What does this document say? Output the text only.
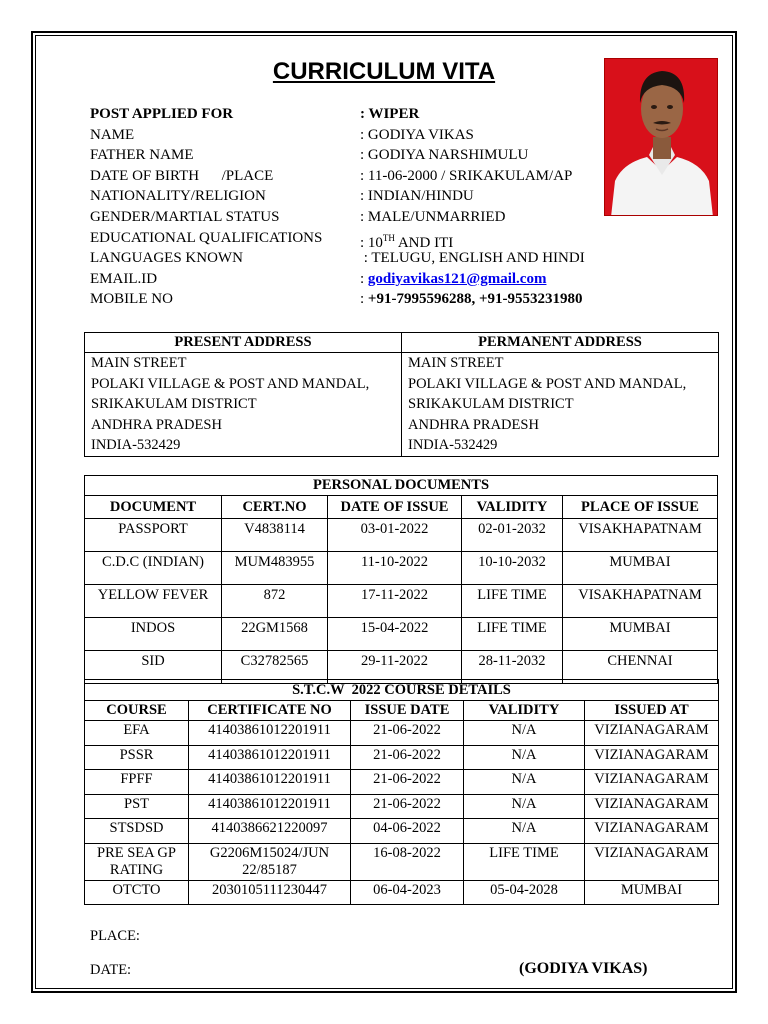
CURRICULUM VITA
POST APPLIED FOR	: WIPER
NAME	: GODIYA VIKAS
FATHER NAME	: GODIYA NARSHIMULU
DATE OF BIRTH      /PLACE	: 11-06-2000 / SRIKAKULAM/AP
NATIONALITY/RELIGION	: INDIAN/HINDU
GENDER/MARTIAL STATUS	: MALE/UNMARRIED
EDUCATIONAL QUALIFICATIONS	: 10TH AND ITI
LANGUAGES KNOWN	: TELUGU, ENGLISH AND HINDI
EMAIL.ID	: godiyavikas121@gmail.com
MOBILE NO	: +91-7995596288, +91-9553231980
PRESENT ADDRESS	PERMANENT ADDRESS
MAIN STREET	MAIN STREET
POLAKI VILLAGE & POST AND MANDAL,	POLAKI VILLAGE & POST AND MANDAL,
SRIKAKULAM DISTRICT	SRIKAKULAM DISTRICT
ANDHRA PRADESH	ANDHRA PRADESH
INDIA-532429	INDIA-532429
PERSONAL DOCUMENTS				
DOCUMENT	CERT.NO	DATE OF ISSUE	VALIDITY	PLACE OF ISSUE
PASSPORT	V4838114	03-01-2022	02-01-2032	VISAKHAPATNAM
C.D.C (INDIAN)	MUM483955	11-10-2022	10-10-2032	MUMBAI
YELLOW FEVER	872	17-11-2022	LIFE TIME	VISAKHAPATNAM
INDOS	22GM1568	15-04-2022	LIFE TIME	MUMBAI
SID	C32782565	29-11-2022	28-11-2032	CHENNAI
S.T.C.W  2022 COURSE DETAILS				
COURSE	CERTIFICATE NO	ISSUE DATE	VALIDITY	ISSUED AT
EFA	41403861012201911	21-06-2022	N/A	VIZIANAGARAM
PSSR	41403861012201911	21-06-2022	N/A	VIZIANAGARAM
FPFF	41403861012201911	21-06-2022	N/A	VIZIANAGARAM
PST	41403861012201911	21-06-2022	N/A	VIZIANAGARAM
STSDSD	4140386621220097	04-06-2022	N/A	VIZIANAGARAM
PRE SEA GP RATING	G2206M15024/JUN 22/85187	16-08-2022	LIFE TIME	VIZIANAGARAM
OTCTO	2030105111230447	06-04-2023	05-04-2028	MUMBAI
PLACE:
DATE:	(GODIYA VIKAS)
